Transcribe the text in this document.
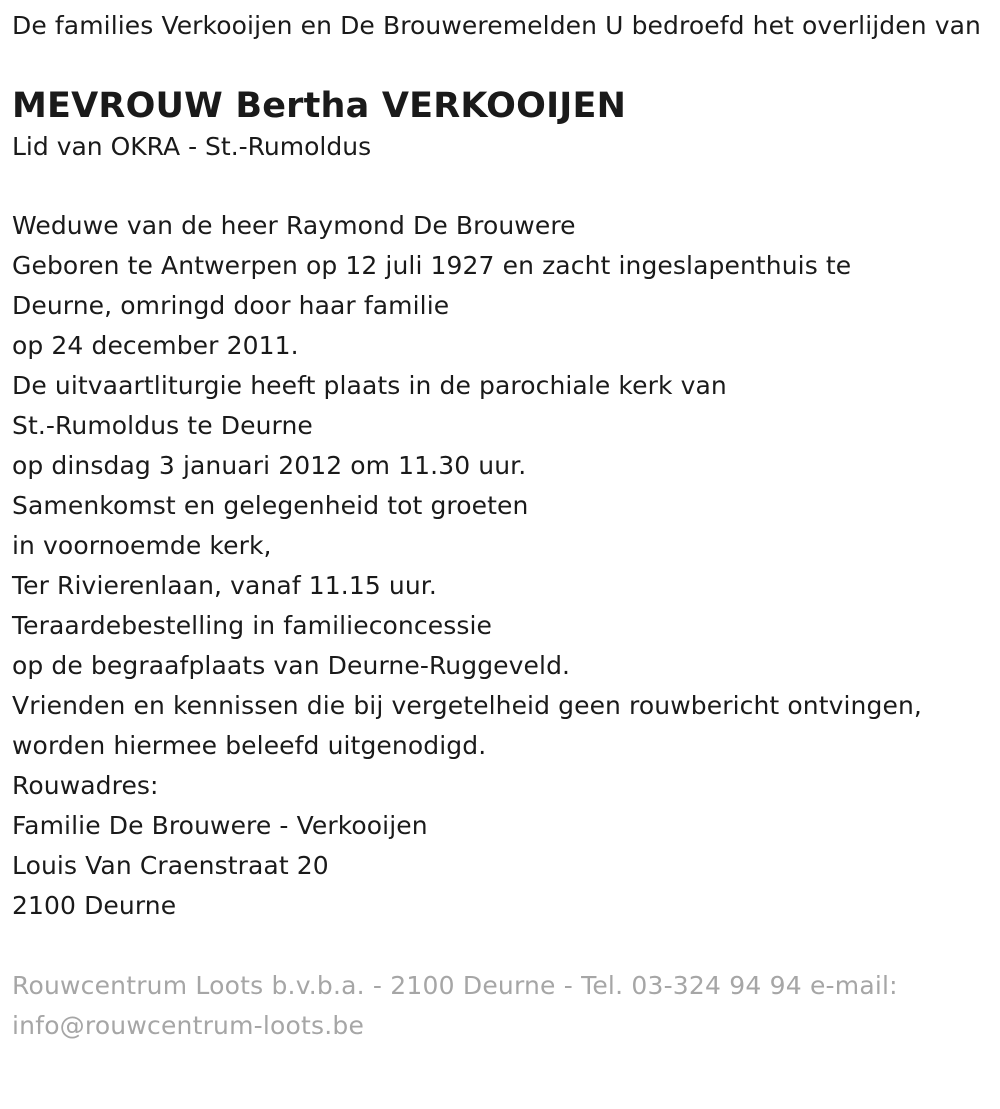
De families Verkooijen en De Brouweremelden U bedroefd het overlijden van

MEVROUW Bertha VERKOOIJEN

Lid van OKRA - St.-Rumoldus

Weduwe van de heer Raymond De Brouwere
Geboren te Antwerpen op 12 juli 1927 en zacht ingeslapenthuis te
Deurne, omringd door haar familie
op 24 december 2011.
De uitvaartliturgie heeft plaats in de parochiale kerk van
St.-Rumoldus te Deurne
op dinsdag 3 januari 2012 om 11.30 uur.
Samenkomst en gelegenheid tot groeten
in voornoemde kerk,
Ter Rivierenlaan, vanaf 11.15 uur.
Teraardebestelling in familieconcessie
op de begraafplaats van Deurne-Ruggeveld.
Vrienden en kennissen die bij vergetelheid geen rouwbericht ontvingen,
worden hiermee beleefd uitgenodigd.
Rouwadres:
Familie De Brouwere - Verkooijen
Louis Van Craenstraat 20
2100 Deurne

Rouwcentrum Loots b.v.b.a. - 2100 Deurne - Tel. 03-324 94 94 e-mail: info@rouwcentrum-loots.be
